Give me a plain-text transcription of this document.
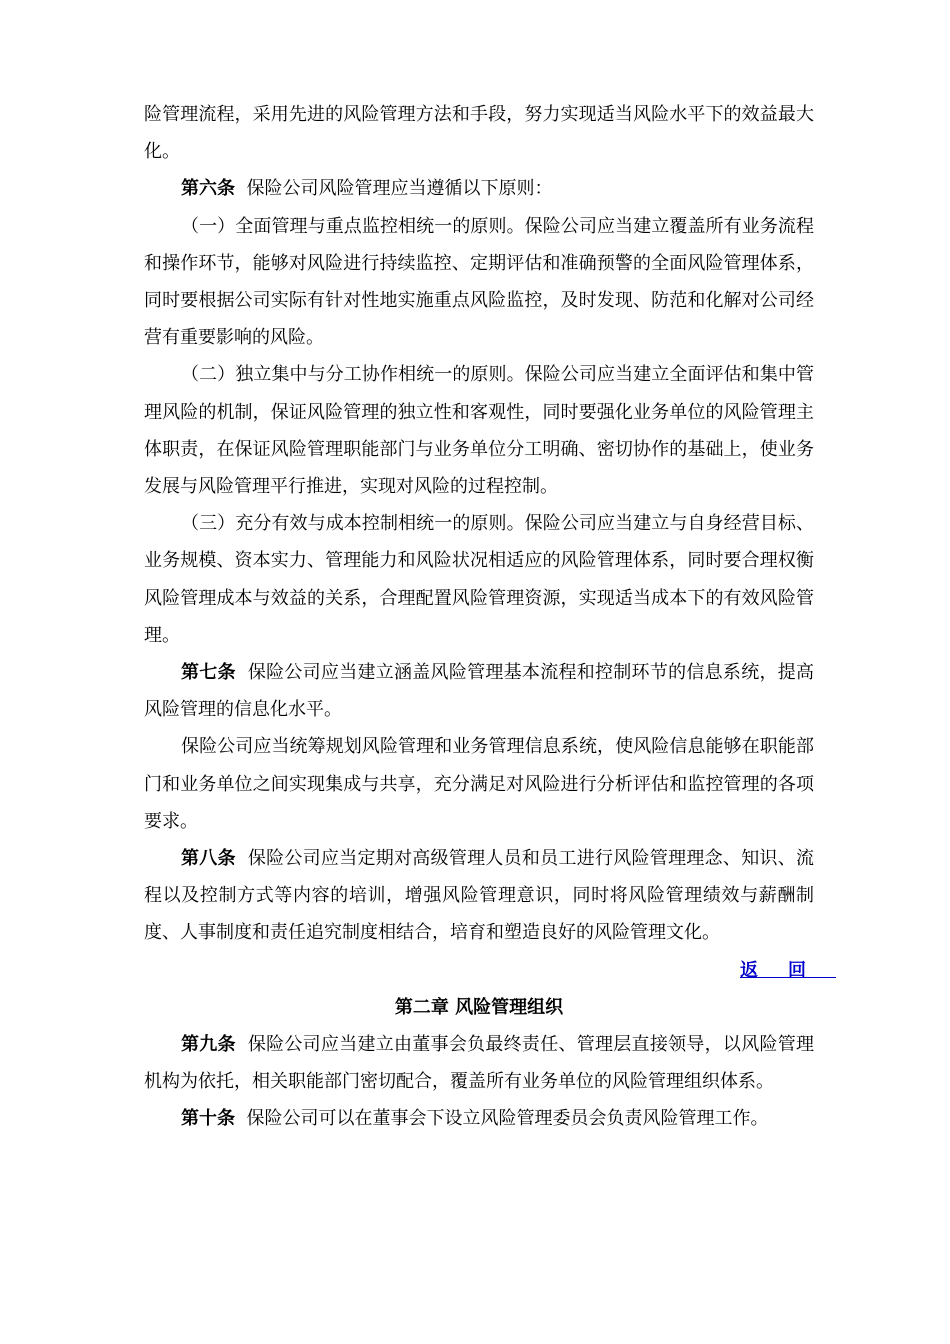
险管理流程，采用先进的风险管理方法和手段，努力实现适当风险水平下的效益最大化。

第六条 保险公司风险管理应当遵循以下原则：

（一）全面管理与重点监控相统一的原则。保险公司应当建立覆盖所有业务流程和操作环节，能够对风险进行持续监控、定期评估和准确预警的全面风险管理体系，同时要根据公司实际有针对性地实施重点风险监控，及时发现、防范和化解对公司经营有重要影响的风险。

（二）独立集中与分工协作相统一的原则。保险公司应当建立全面评估和集中管理风险的机制，保证风险管理的独立性和客观性，同时要强化业务单位的风险管理主体职责，在保证风险管理职能部门与业务单位分工明确、密切协作的基础上，使业务发展与风险管理平行推进，实现对风险的过程控制。

（三）充分有效与成本控制相统一的原则。保险公司应当建立与自身经营目标、业务规模、资本实力、管理能力和风险状况相适应的风险管理体系，同时要合理权衡风险管理成本与效益的关系，合理配置风险管理资源，实现适当成本下的有效风险管理。

第七条 保险公司应当建立涵盖风险管理基本流程和控制环节的信息系统，提高风险管理的信息化水平。

保险公司应当统筹规划风险管理和业务管理信息系统，使风险信息能够在职能部门和业务单位之间实现集成与共享，充分满足对风险进行分析评估和监控管理的各项要求。

第八条 保险公司应当定期对高级管理人员和员工进行风险管理理念、知识、流程以及控制方式等内容的培训，增强风险管理意识，同时将风险管理绩效与薪酬制度、人事制度和责任追究制度相结合，培育和塑造良好的风险管理文化。

返回

第二章 风险管理组织

第九条 保险公司应当建立由董事会负最终责任、管理层直接领导，以风险管理机构为依托，相关职能部门密切配合，覆盖所有业务单位的风险管理组织体系。

第十条 保险公司可以在董事会下设立风险管理委员会负责风险管理工作。
